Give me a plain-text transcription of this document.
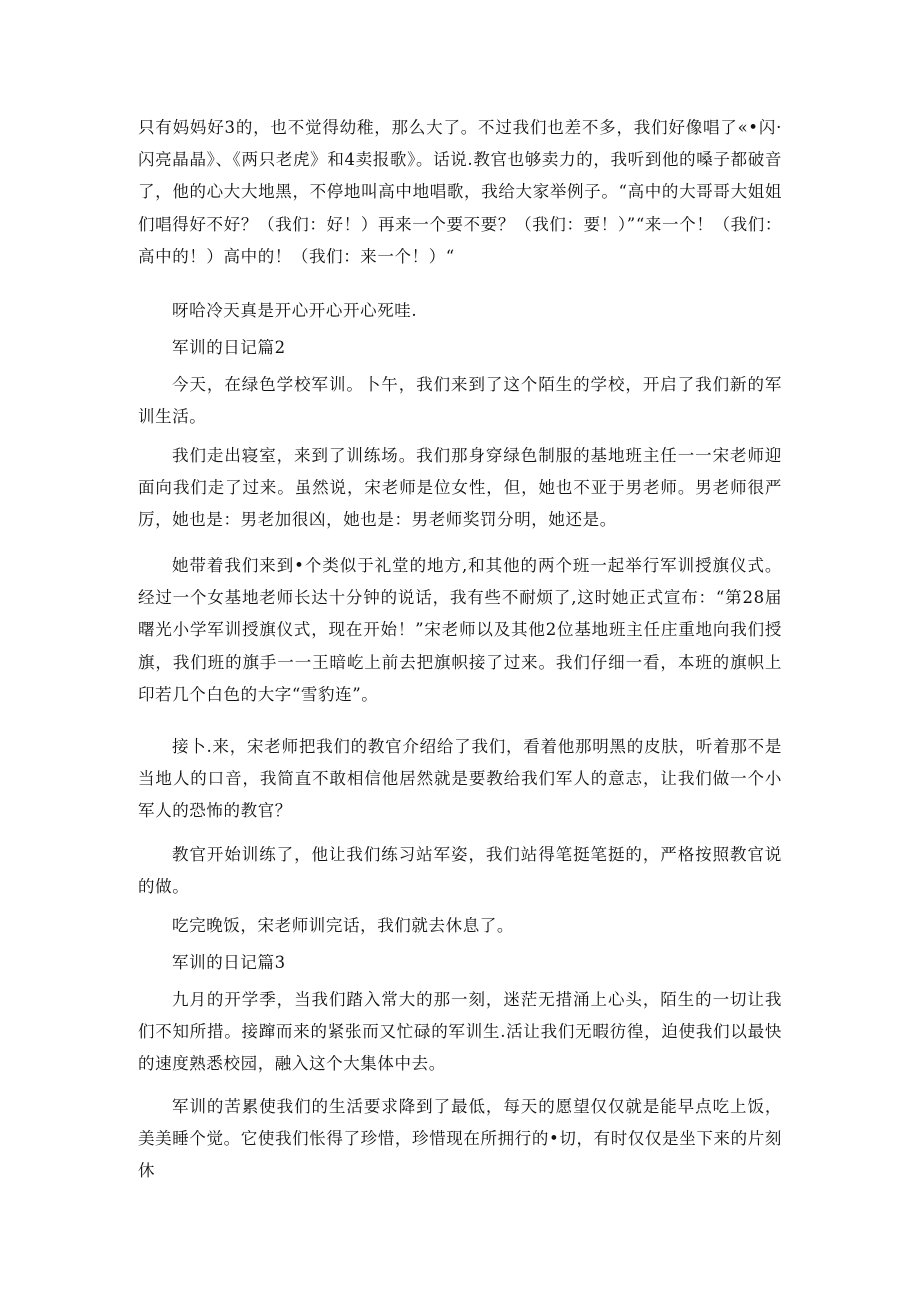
只有妈妈好3的，也不觉得幼稚，那么大了。不过我们也差不多，我们好像唱了«•闪·闪亮晶晶》、《两只老虎》和4卖报歌》。话说.教官也够卖力的，我听到他的嗓子都破音了，他的心大大地黑，不停地叫高中地唱歌，我给大家举例子。“高中的大哥哥大姐姐们唱得好不好？（我们：好！）再来一个要不要？（我们：要！）”“来一个！（我们：高中的！）高中的！（我们：来一个！）“

呀哈冷天真是开心开心开心死哇.

军训的日记篇2

今天，在绿色学校军训。卜午，我们来到了这个陌生的学校，开启了我们新的军训生活。

我们走出寝室，来到了训练场。我们那身穿绿色制服的基地班主任一一宋老师迎面向我们走了过来。虽然说，宋老师是位女性，但，她也不亚于男老师。男老师很严厉，她也是：男老加很凶，她也是：男老师奖罚分明，她还是。

她带着我们来到•个类似于礼堂的地方,和其他的两个班一起举行军训授旗仪式。经过一个女基地老师长达十分钟的说话，我有些不耐烦了,这时她正式宣布：“第28届曙光小学军训授旗仪式，现在开始！”宋老师以及其他2位基地班主任庄重地向我们授旗，我们班的旗手一一王暗屹上前去把旗帜接了过来。我们仔细一看，本班的旗帜上印若几个白色的大字“雪豹连”。

接卜.来，宋老师把我们的教官介绍给了我们，看着他那明黑的皮肤，听着那不是当地人的口音，我简直不敢相信他居然就是要教给我们军人的意志，让我们做一个小军人的恐怖的教官？

教官开始训练了，他让我们练习站军姿，我们站得笔挺笔挺的，严格按照教官说的做。

吃完晚饭，宋老师训完话，我们就去休息了。

军训的日记篇3

九月的开学季，当我们踏入常大的那一刻，迷茫无措涌上心头，陌生的一切让我们不知所措。接蹿而来的紧张而又忙碌的军训生.活让我们无暇彷徨，迫使我们以最快的速度熟悉校园，融入这个大集体中去。

军训的苦累使我们的生活要求降到了最低，每天的愿望仅仅就是能早点吃上饭，美美睡个觉。它使我们怅得了珍惜，珍惜现在所拥行的•切，有时仅仅是坐下来的片刻休
